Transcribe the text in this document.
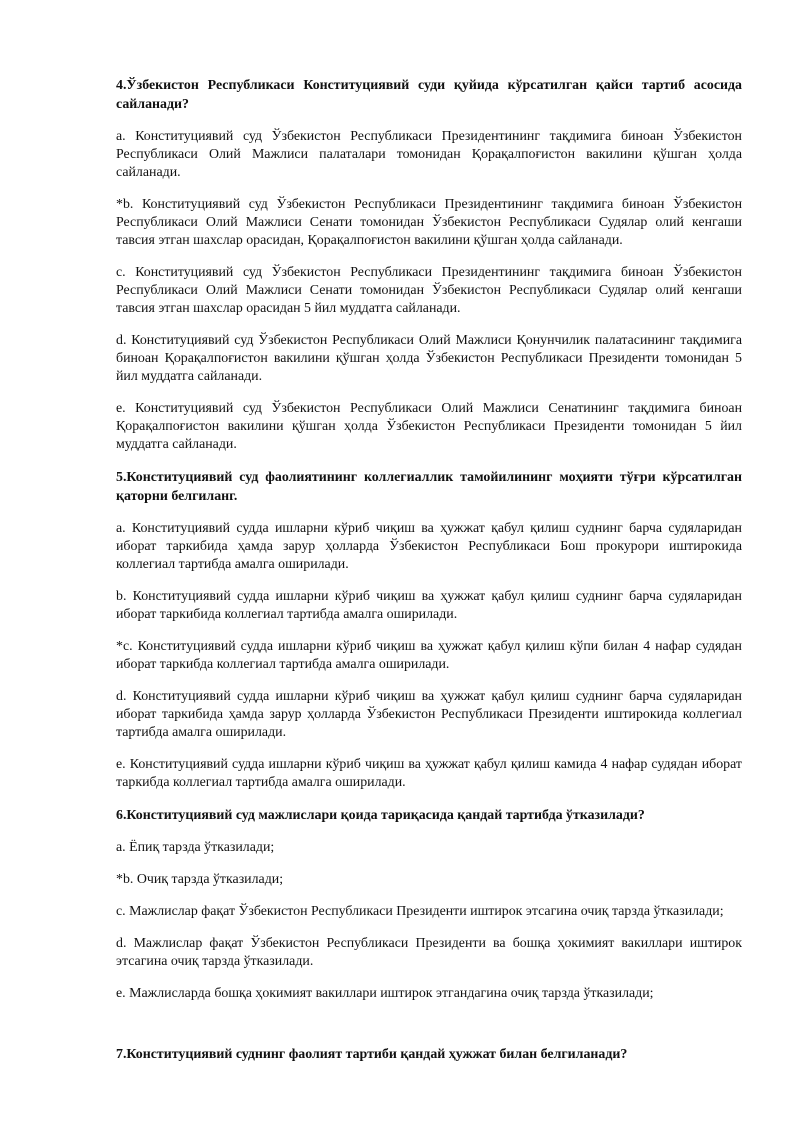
4.Ўзбекистон Республикаси Конституциявий суди қуйида кўрсатилган қайси тартиб асосида сайланади?

a. Конституциявий суд Ўзбекистон Республикаси Президентининг тақдимига биноан Ўзбекистон Республикаси Олий Мажлиси палаталари томонидан Қорақалпоғистон вакилини қўшган ҳолда сайланади.

*b. Конституциявий суд Ўзбекистон Республикаси Президентининг тақдимига биноан Ўзбекистон Республикаси Олий Мажлиси Сенати томонидан Ўзбекистон Республикаси Судялар олий кенгаши тавсия этган шахслар орасидан, Қорақалпоғистон вакилини қўшган ҳолда сайланади.

c. Конституциявий суд Ўзбекистон Республикаси Президентининг тақдимига биноан Ўзбекистон Республикаси Олий Мажлиси Сенати томонидан Ўзбекистон Республикаси Судялар олий кенгаши тавсия этган шахслар орасидан 5 йил муддатга сайланади.

d. Конституциявий суд Ўзбекистон Республикаси Олий Мажлиси Қонунчилик палатасининг тақдимига биноан Қорақалпоғистон вакилини қўшган ҳолда Ўзбекистон Республикаси Президенти томонидан 5 йил муддатга сайланади.

e. Конституциявий суд Ўзбекистон Республикаси Олий Мажлиси Сенатининг тақдимига биноан Қорақалпоғистон вакилини қўшган ҳолда Ўзбекистон Республикаси Президенти томонидан 5 йил муддатга сайланади.

5.Конституциявий суд фаолиятининг коллегиаллик тамойилининг моҳияти тўғри кўрсатилган қаторни белгиланг.

a. Конституциявий судда ишларни кўриб чиқиш ва ҳужжат қабул қилиш суднинг барча судяларидан иборат таркибида ҳамда зарур ҳолларда Ўзбекистон Республикаси Бош прокурори иштирокида коллегиал тартибда амалга оширилади.

b. Конституциявий судда ишларни кўриб чиқиш ва ҳужжат қабул қилиш суднинг барча судяларидан иборат таркибида коллегиал тартибда амалга оширилади.

*c. Конституциявий судда ишларни кўриб чиқиш ва ҳужжат қабул қилиш кўпи билан 4 нафар судядан иборат таркибда коллегиал тартибда амалга оширилади.

d. Конституциявий судда ишларни кўриб чиқиш ва ҳужжат қабул қилиш суднинг барча судяларидан иборат таркибида ҳамда зарур ҳолларда Ўзбекистон Республикаси Президенти иштирокида коллегиал тартибда амалга оширилади.

e. Конституциявий судда ишларни кўриб чиқиш ва ҳужжат қабул қилиш камида 4 нафар судядан иборат таркибда коллегиал тартибда амалга оширилади.

6.Конституциявий суд мажлислари қоида тариқасида қандай тартибда ўтказилади?

a. Ёпиқ тарзда ўтказилади;

*b. Очиқ тарзда ўтказилади;

c. Мажлислар фақат Ўзбекистон Республикаси Президенти иштирок этсагина очиқ тарзда ўтказилади;

d. Мажлислар фақат Ўзбекистон Республикаси Президенти ва бошқа ҳокимият вакиллари иштирок этсагина очиқ тарзда ўтказилади.

e. Мажлисларда бошқа ҳокимият вакиллари иштирок этгандагина очиқ тарзда ўтказилади;

7.Конституциявий суднинг фаолият тартиби қандай ҳужжат билан белгиланади?
